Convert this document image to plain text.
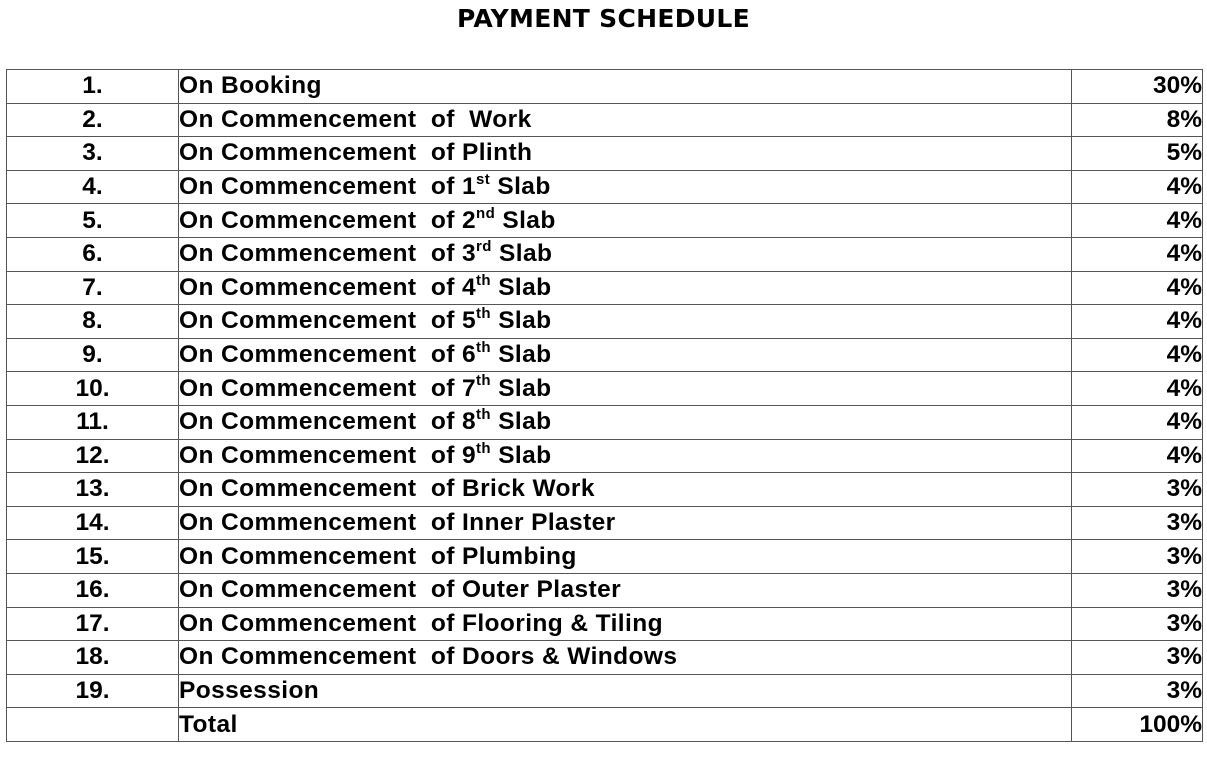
PAYMENT SCHEDULE
1.	On Booking	30%
2.	On Commencement  of  Work	8%
3.	On Commencement  of Plinth	5%
4.	On Commencement  of 1st Slab	4%
5.	On Commencement  of 2nd Slab	4%
6.	On Commencement  of 3rd Slab	4%
7.	On Commencement  of 4th Slab	4%
8.	On Commencement  of 5th Slab	4%
9.	On Commencement  of 6th Slab	4%
10.	On Commencement  of 7th Slab	4%
11.	On Commencement  of 8th Slab	4%
12.	On Commencement  of 9th Slab	4%
13.	On Commencement  of Brick Work	3%
14.	On Commencement  of Inner Plaster	3%
15.	On Commencement  of Plumbing	3%
16.	On Commencement  of Outer Plaster	3%
17.	On Commencement  of Flooring & Tiling	3%
18.	On Commencement  of Doors & Windows	3%
19.	Possession	3%
	Total	100%
